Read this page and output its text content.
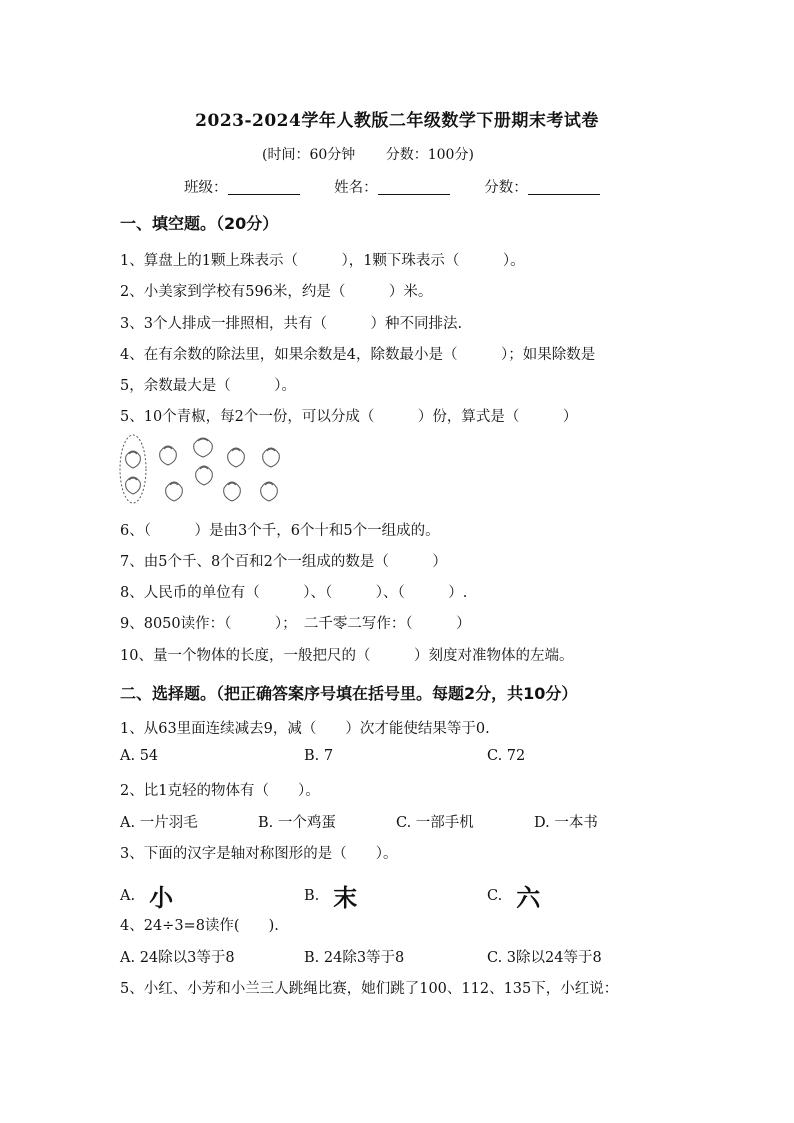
2023-2024学年人教版二年级数学下册期末考试卷
(时间：60分钟 分数：100分)
班级：	姓名：	分数：
一、填空题。（20分）
1、算盘上的1颗上珠表示（　　　），1颗下珠表示（　　　）。
2、小美家到学校有596米，约是（　　　）米。
3、3个人排成一排照相，共有（　　　）种不同排法.
4、在有余数的除法里，如果余数是4，除数最小是（　　　）；如果除数是
5，余数最大是（　　　）。
5、10个青椒，每2个一份，可以分成（　　　）份，算式是（　　　）
6、（　　　）是由3个千，6个十和5个一组成的。
7、由5个千、8个百和2个一组成的数是（　　　）
8、人民币的单位有（　　　）、（　　　）、（　　　）.
9、8050读作：（　　　）；　二千零二写作：（　　　）
10、量一个物体的长度，一般把尺的（　　　）刻度对准物体的左端。
二、选择题。（把正确答案序号填在括号里。每题2分，共10分）
1、从63里面连续减去9，减（　　）次才能使结果等于0.
A. 54	B. 7	C. 72
2、比1克轻的物体有（　　）。
A. 一片羽毛	B. 一个鸡蛋	C. 一部手机	D. 一本书
3、下面的汉字是轴对称图形的是（　　）。
A. 小	B. 末	C. 六
4、24÷3=8读作(　　).
A. 24除以3等于8	B. 24除3等于8	C. 3除以24等于8
5、小红、小芳和小兰三人跳绳比赛，她们跳了100、112、135下，小红说：
